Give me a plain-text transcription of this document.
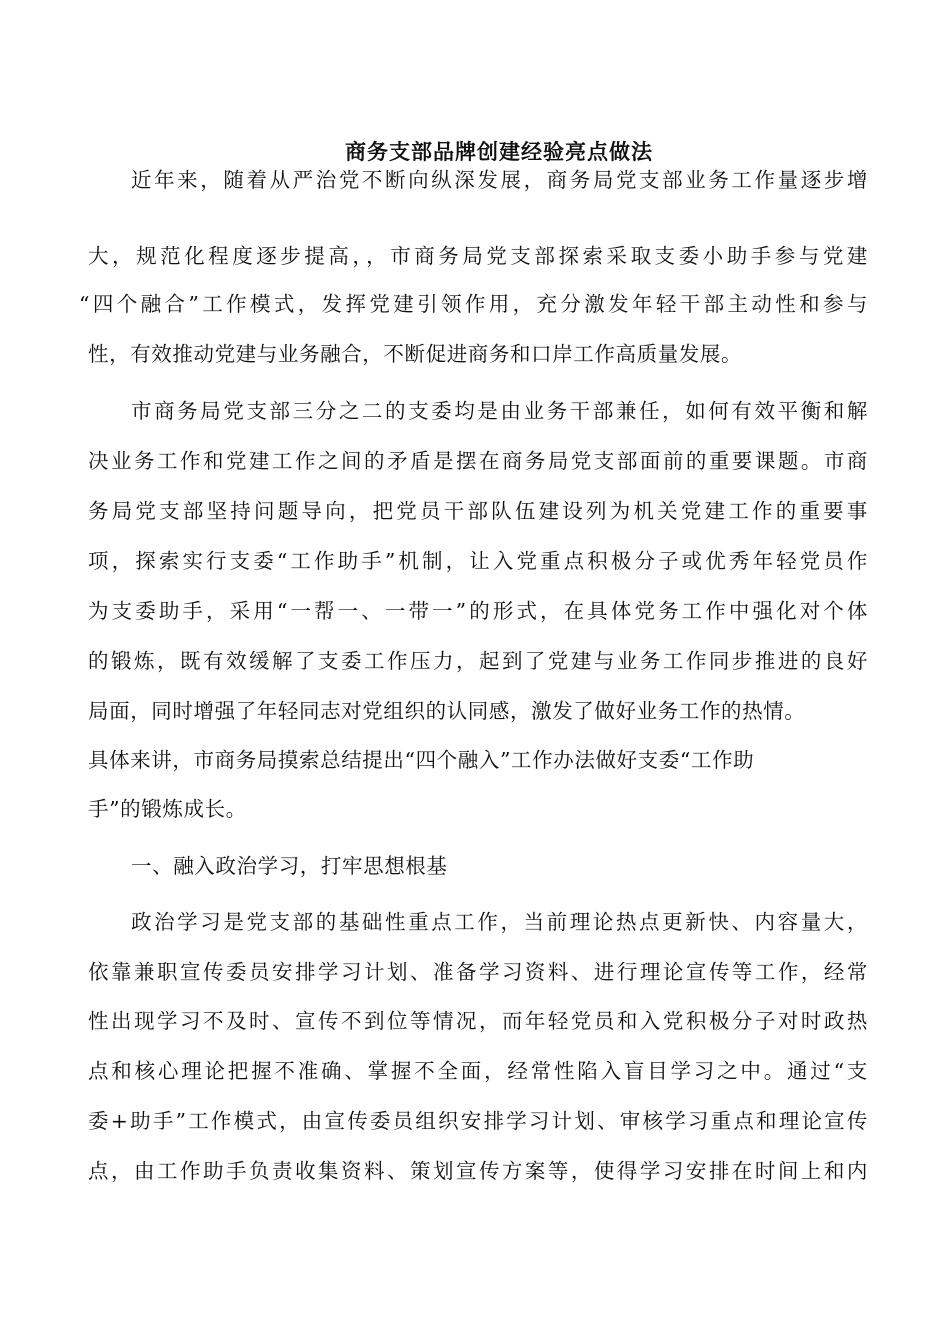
商务支部品牌创建经验亮点做法
近年来，随着从严治党不断向纵深发展，商务局党支部业务工作量逐步增
大，规范化程度逐步提高，，市商务局党支部探索采取支委小助手参与党建
“四个融合”工作模式，发挥党建引领作用，充分激发年轻干部主动性和参与
性，有效推动党建与业务融合，不断促进商务和口岸工作高质量发展。
市商务局党支部三分之二的支委均是由业务干部兼任，如何有效平衡和解
决业务工作和党建工作之间的矛盾是摆在商务局党支部面前的重要课题。市商
务局党支部坚持问题导向，把党员干部队伍建设列为机关党建工作的重要事
项，探索实行支委“工作助手”机制，让入党重点积极分子或优秀年轻党员作
为支委助手，采用“一帮一、一带一”的形式，在具体党务工作中强化对个体
的锻炼，既有效缓解了支委工作压力，起到了党建与业务工作同步推进的良好
局面，同时增强了年轻同志对党组织的认同感，激发了做好业务工作的热情。
具体来讲，市商务局摸索总结提出“四个融入”工作办法做好支委“工作助
手”的锻炼成长。
一、融入政治学习，打牢思想根基
政治学习是党支部的基础性重点工作，当前理论热点更新快、内容量大，
依靠兼职宣传委员安排学习计划、准备学习资料、进行理论宣传等工作，经常
性出现学习不及时、宣传不到位等情况，而年轻党员和入党积极分子对时政热
点和核心理论把握不准确、掌握不全面，经常性陷入盲目学习之中。通过“支
委+助手”工作模式，由宣传委员组织安排学习计划、审核学习重点和理论宣传
点，由工作助手负责收集资料、策划宣传方案等，使得学习安排在时间上和内
